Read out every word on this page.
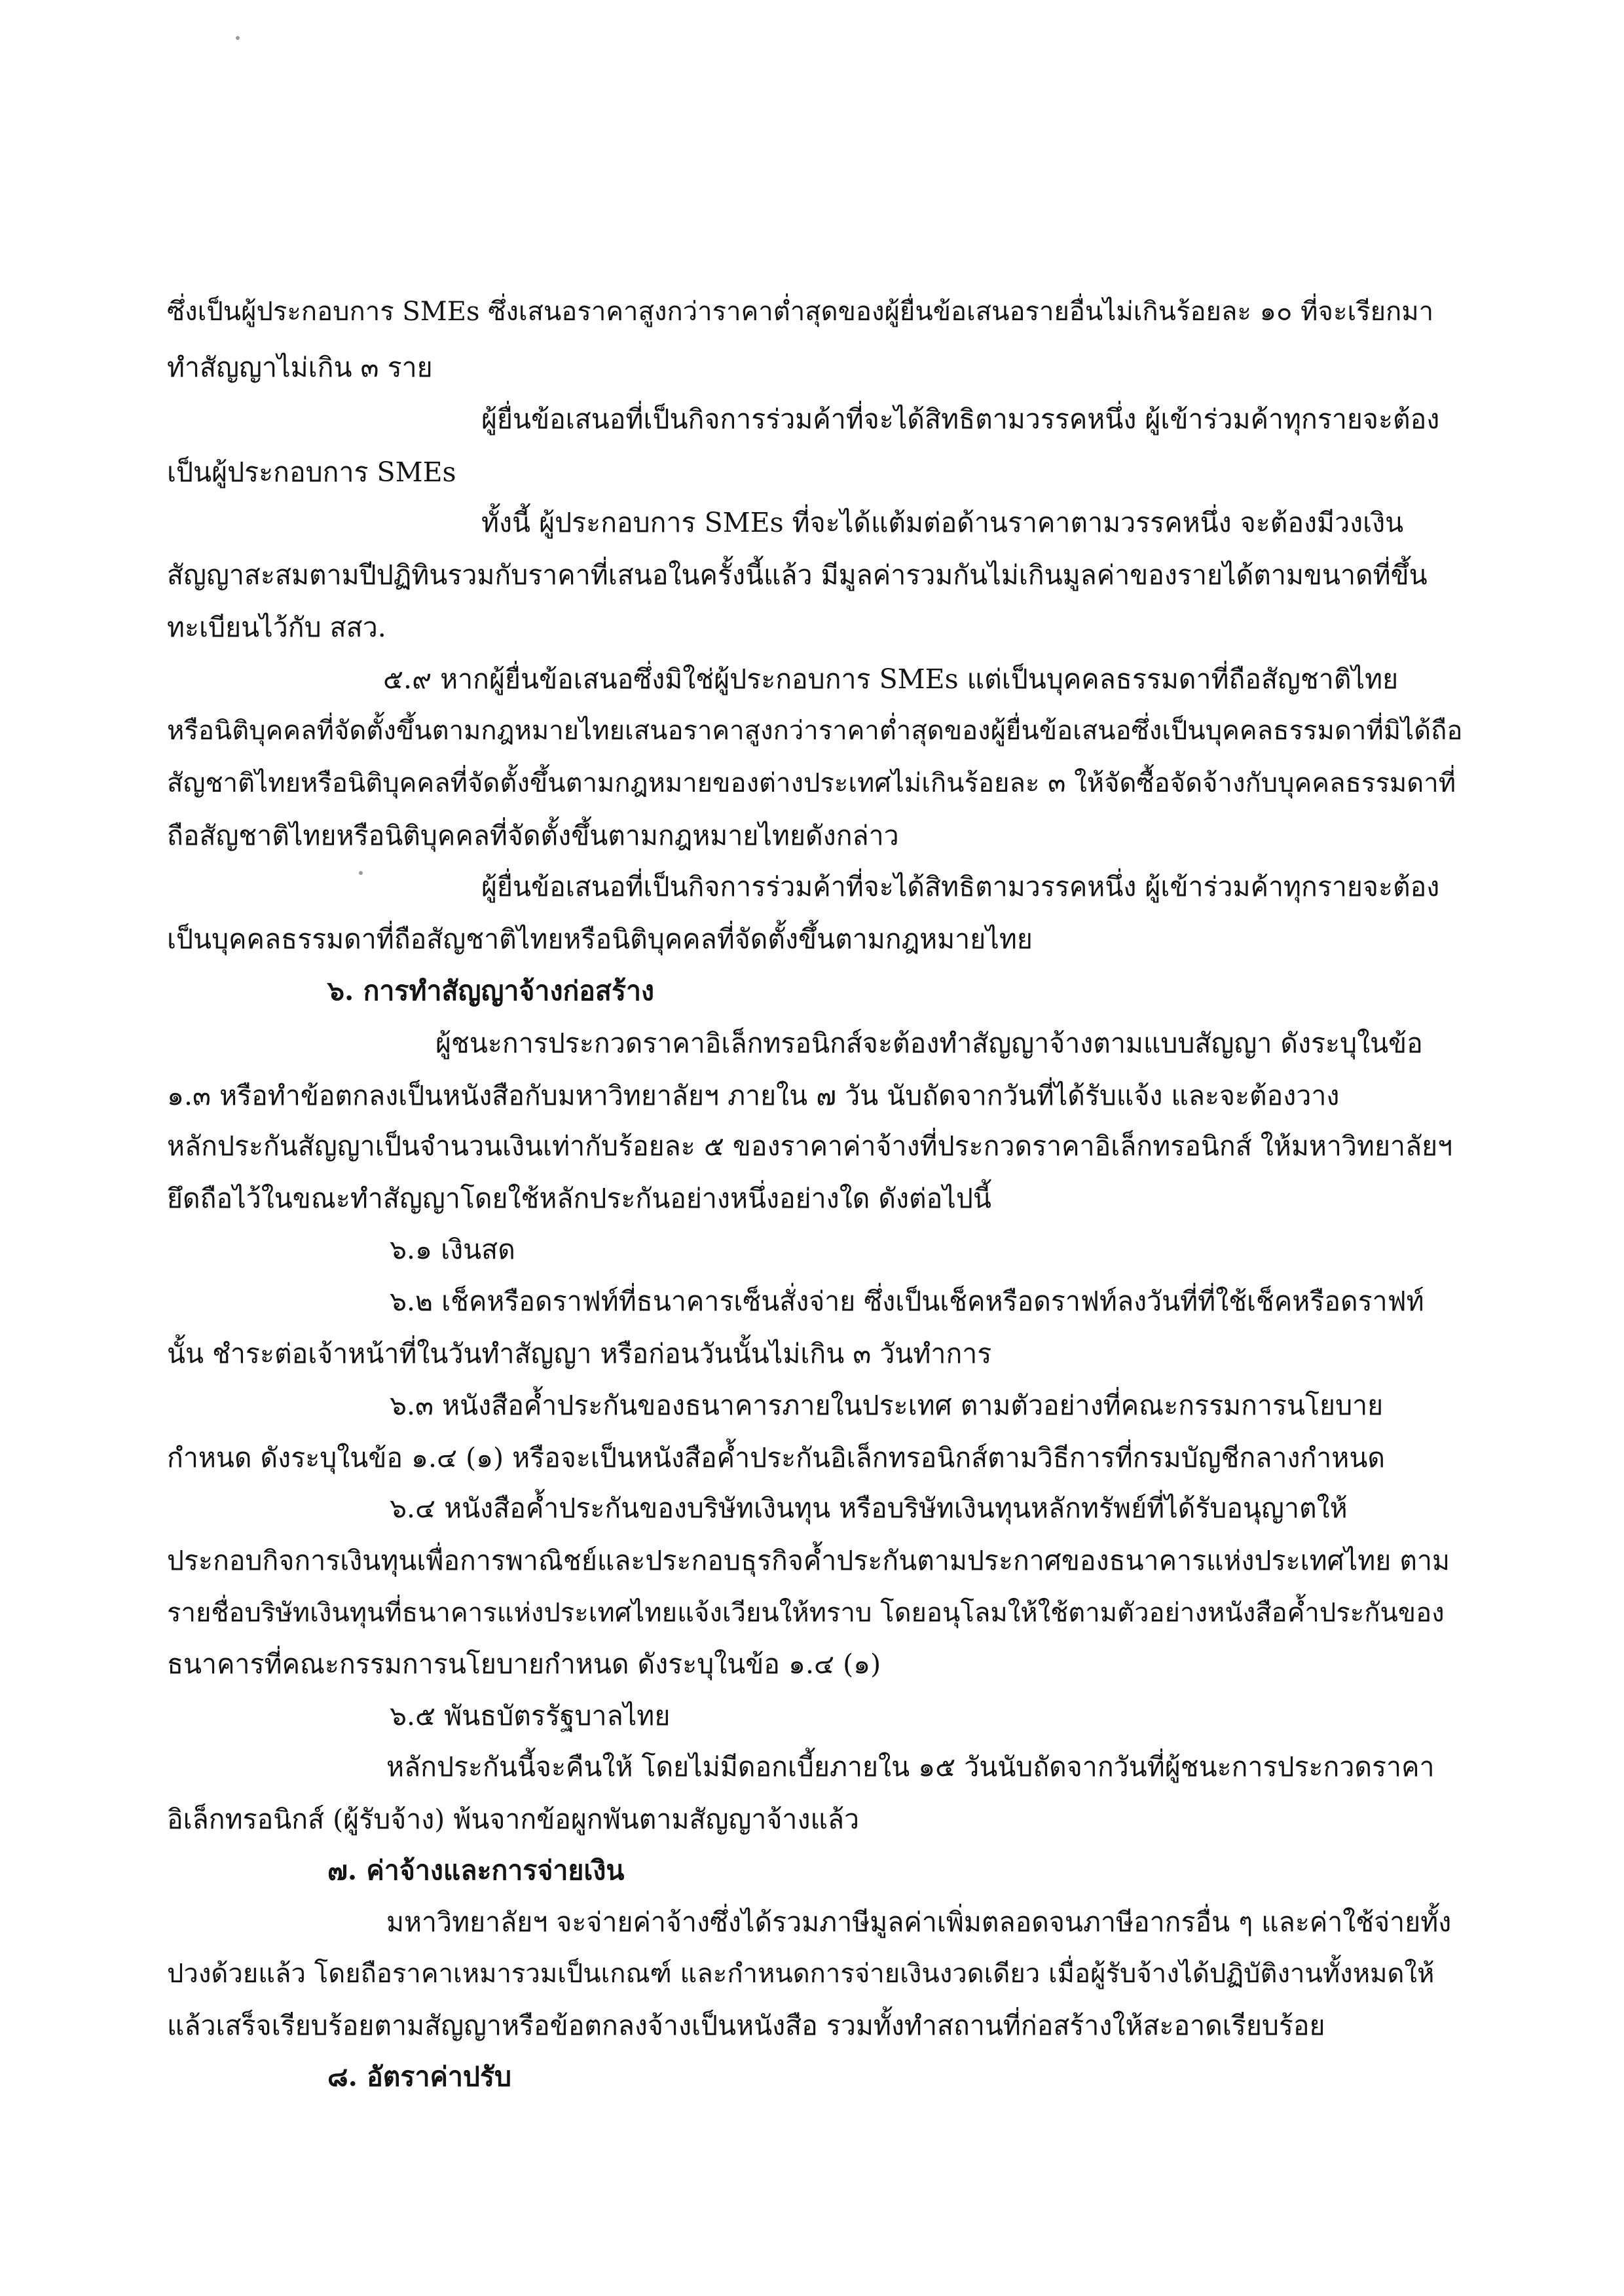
ซึ่งเป็นผู้ประกอบการ SMEs ซึ่งเสนอราคาสูงกว่าราคาต่ำสุดของผู้ยื่นข้อเสนอรายอื่นไม่เกินร้อยละ ๑๐ ที่จะเรียกมา

ทำสัญญาไม่เกิน ๓ ราย

ผู้ยื่นข้อเสนอที่เป็นกิจการร่วมค้าที่จะได้สิทธิตามวรรคหนึ่ง ผู้เข้าร่วมค้าทุกรายจะต้อง

เป็นผู้ประกอบการ SMEs

ทั้งนี้ ผู้ประกอบการ SMEs ที่จะได้แต้มต่อด้านราคาตามวรรคหนึ่ง จะต้องมีวงเงิน

สัญญาสะสมตามปีปฏิทินรวมกับราคาที่เสนอในครั้งนี้แล้ว มีมูลค่ารวมกันไม่เกินมูลค่าของรายได้ตามขนาดที่ขึ้น

ทะเบียนไว้กับ สสว.

๕.๙ หากผู้ยื่นข้อเสนอซึ่งมิใช่ผู้ประกอบการ SMEs แต่เป็นบุคคลธรรมดาที่ถือสัญชาติไทย

หรือนิติบุคคลที่จัดตั้งขึ้นตามกฎหมายไทยเสนอราคาสูงกว่าราคาต่ำสุดของผู้ยื่นข้อเสนอซึ่งเป็นบุคคลธรรมดาที่มิได้ถือ

สัญชาติไทยหรือนิติบุคคลที่จัดตั้งขึ้นตามกฎหมายของต่างประเทศไม่เกินร้อยละ ๓ ให้จัดซื้อจัดจ้างกับบุคคลธรรมดาที่

ถือสัญชาติไทยหรือนิติบุคคลที่จัดตั้งขึ้นตามกฎหมายไทยดังกล่าว

ผู้ยื่นข้อเสนอที่เป็นกิจการร่วมค้าที่จะได้สิทธิตามวรรคหนึ่ง ผู้เข้าร่วมค้าทุกรายจะต้อง

เป็นบุคคลธรรมดาที่ถือสัญชาติไทยหรือนิติบุคคลที่จัดตั้งขึ้นตามกฎหมายไทย

๖. การทำสัญญาจ้างก่อสร้าง

ผู้ชนะการประกวดราคาอิเล็กทรอนิกส์จะต้องทำสัญญาจ้างตามแบบสัญญา ดังระบุในข้อ

๑.๓ หรือทำข้อตกลงเป็นหนังสือกับมหาวิทยาลัยฯ ภายใน ๗ วัน นับถัดจากวันที่ได้รับแจ้ง และจะต้องวาง

หลักประกันสัญญาเป็นจำนวนเงินเท่ากับร้อยละ ๕ ของราคาค่าจ้างที่ประกวดราคาอิเล็กทรอนิกส์ ให้มหาวิทยาลัยฯ

ยึดถือไว้ในขณะทำสัญญาโดยใช้หลักประกันอย่างหนึ่งอย่างใด ดังต่อไปนี้

๖.๑ เงินสด

๖.๒ เช็คหรือดราฟท์ที่ธนาคารเซ็นสั่งจ่าย ซึ่งเป็นเช็คหรือดราฟท์ลงวันที่ที่ใช้เช็คหรือดราฟท์

นั้น ชำระต่อเจ้าหน้าที่ในวันทำสัญญา หรือก่อนวันนั้นไม่เกิน ๓ วันทำการ

๖.๓ หนังสือค้ำประกันของธนาคารภายในประเทศ ตามตัวอย่างที่คณะกรรมการนโยบาย

กำหนด ดังระบุในข้อ ๑.๔ (๑) หรือจะเป็นหนังสือค้ำประกันอิเล็กทรอนิกส์ตามวิธีการที่กรมบัญชีกลางกำหนด

๖.๔ หนังสือค้ำประกันของบริษัทเงินทุน หรือบริษัทเงินทุนหลักทรัพย์ที่ได้รับอนุญาตให้

ประกอบกิจการเงินทุนเพื่อการพาณิชย์และประกอบธุรกิจค้ำประกันตามประกาศของธนาคารแห่งประเทศไทย ตาม

รายชื่อบริษัทเงินทุนที่ธนาคารแห่งประเทศไทยแจ้งเวียนให้ทราบ โดยอนุโลมให้ใช้ตามตัวอย่างหนังสือค้ำประกันของ

ธนาคารที่คณะกรรมการนโยบายกำหนด ดังระบุในข้อ ๑.๔ (๑)

๖.๕ พันธบัตรรัฐบาลไทย

หลักประกันนี้จะคืนให้ โดยไม่มีดอกเบี้ยภายใน ๑๕ วันนับถัดจากวันที่ผู้ชนะการประกวดราคา

อิเล็กทรอนิกส์ (ผู้รับจ้าง) พ้นจากข้อผูกพันตามสัญญาจ้างแล้ว

๗. ค่าจ้างและการจ่ายเงิน

มหาวิทยาลัยฯ จะจ่ายค่าจ้างซึ่งได้รวมภาษีมูลค่าเพิ่มตลอดจนภาษีอากรอื่น ๆ และค่าใช้จ่ายทั้ง

ปวงด้วยแล้ว โดยถือราคาเหมารวมเป็นเกณฑ์ และกำหนดการจ่ายเงินงวดเดียว เมื่อผู้รับจ้างได้ปฏิบัติงานทั้งหมดให้

แล้วเสร็จเรียบร้อยตามสัญญาหรือข้อตกลงจ้างเป็นหนังสือ รวมทั้งทำสถานที่ก่อสร้างให้สะอาดเรียบร้อย

๘. อัตราค่าปรับ
